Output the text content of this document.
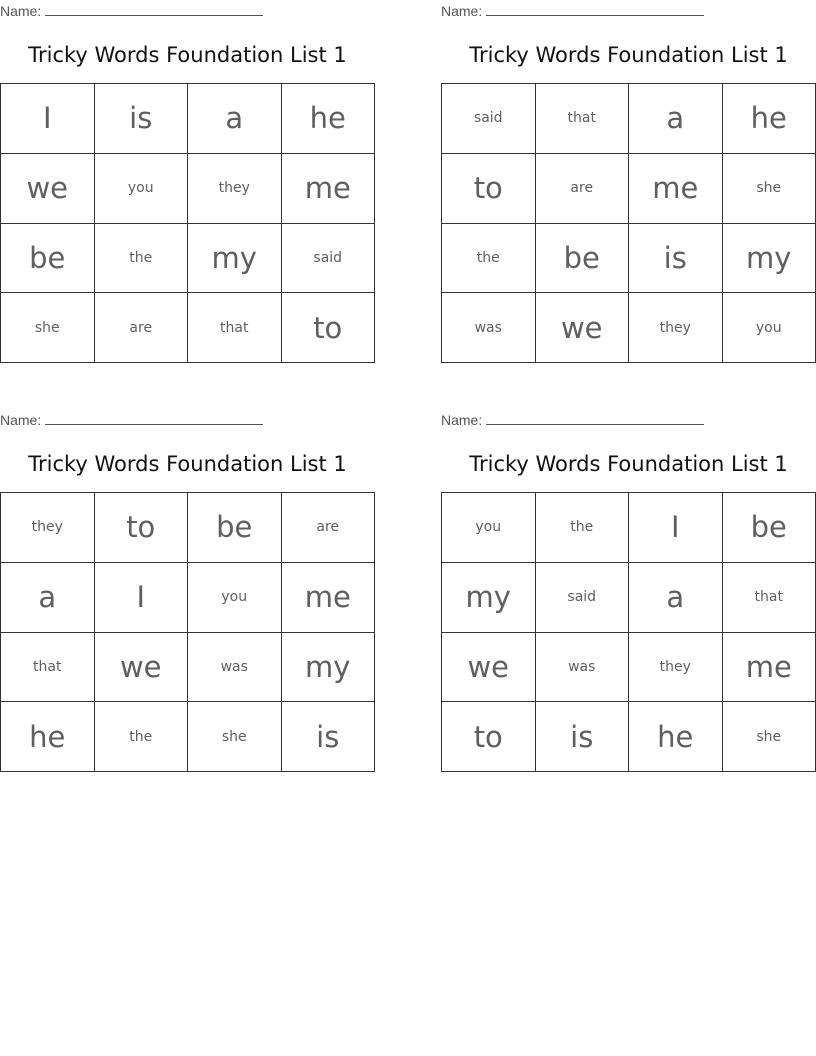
Name:
Tricky Words Foundation List 1
I	is	a	he
we	you	they	me
be	the	my	said
she	are	that	to
Name:
Tricky Words Foundation List 1
said	that	a	he
to	are	me	she
the	be	is	my
was	we	they	you
Name:
Tricky Words Foundation List 1
they	to	be	are
a	I	you	me
that	we	was	my
he	the	she	is
Name:
Tricky Words Foundation List 1
you	the	I	be
my	said	a	that
we	was	they	me
to	is	he	she
